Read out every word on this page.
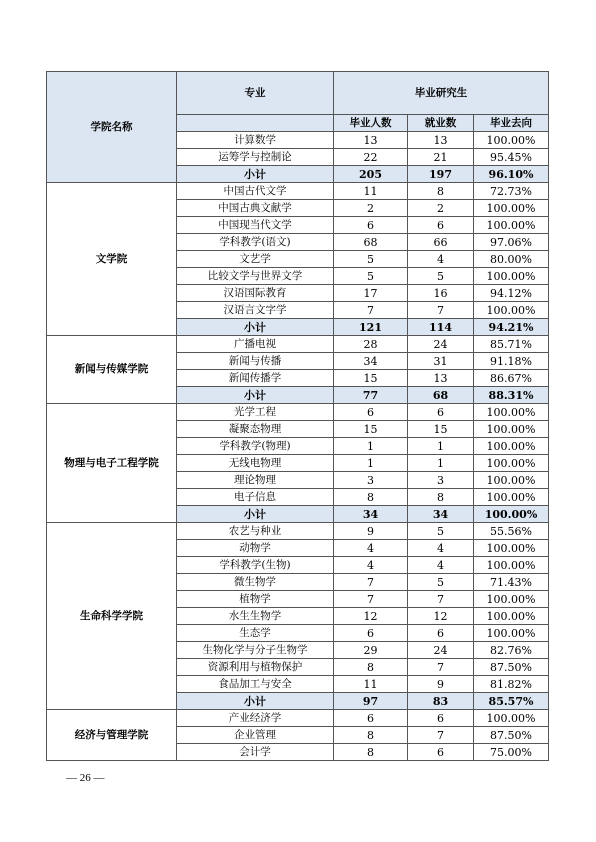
学院名称	专业	毕业研究生		
		毕业人数	就业数	毕业去向
	计算数学	13	13	100.00%
	运筹学与控制论	22	21	95.45%
	小计	205	197	96.10%
文学院	中国古代文学	11	8	72.73%
	中国古典文献学	2	2	100.00%
	中国现当代文学	6	6	100.00%
	学科教学(语文)	68	66	97.06%
	文艺学	5	4	80.00%
	比较文学与世界文学	5	5	100.00%
	汉语国际教育	17	16	94.12%
	汉语言文字学	7	7	100.00%
	小计	121	114	94.21%
新闻与传媒学院	广播电视	28	24	85.71%
	新闻与传播	34	31	91.18%
	新闻传播学	15	13	86.67%
	小计	77	68	88.31%
物理与电子工程学院	光学工程	6	6	100.00%
	凝聚态物理	15	15	100.00%
	学科教学(物理)	1	1	100.00%
	无线电物理	1	1	100.00%
	理论物理	3	3	100.00%
	电子信息	8	8	100.00%
	小计	34	34	100.00%
生命科学学院	农艺与种业	9	5	55.56%
	动物学	4	4	100.00%
	学科教学(生物)	4	4	100.00%
	微生物学	7	5	71.43%
	植物学	7	7	100.00%
	水生生物学	12	12	100.00%
	生态学	6	6	100.00%
	生物化学与分子生物学	29	24	82.76%
	资源利用与植物保护	8	7	87.50%
	食品加工与安全	11	9	81.82%
	小计	97	83	85.57%
经济与管理学院	产业经济学	6	6	100.00%
	企业管理	8	7	87.50%
	会计学	8	6	75.00%
— 26 —
